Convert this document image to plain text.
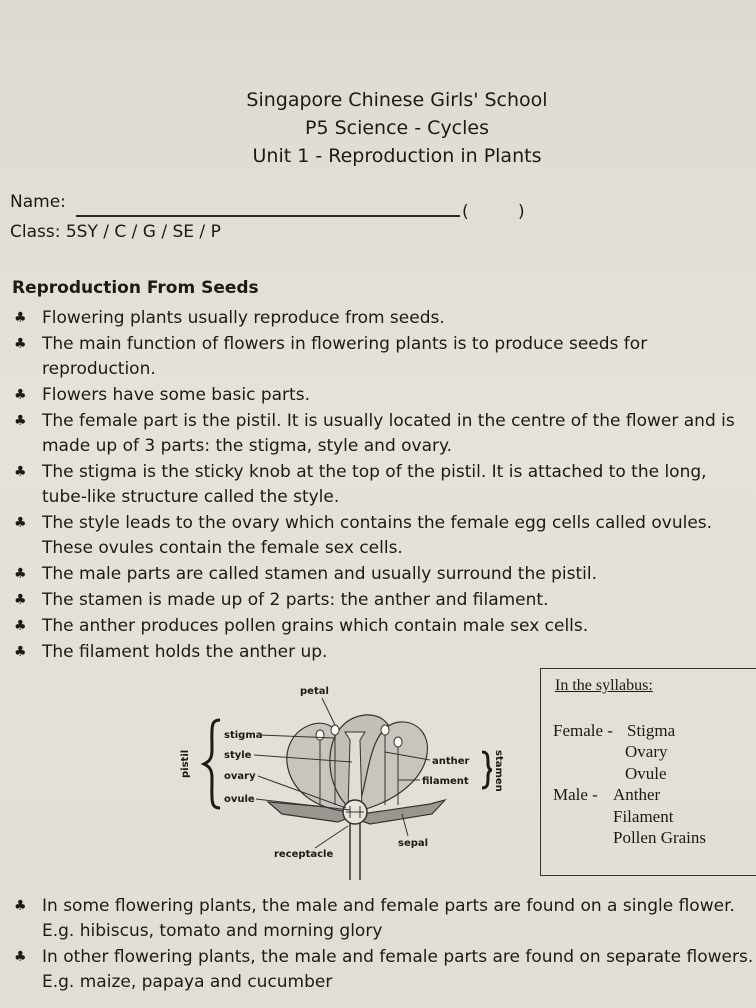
Singapore Chinese Girls' School
P5 Science - Cycles
Unit 1 - Reproduction in Plants
Name:	(	)
Class: 5SY / C / G / SE / P
Reproduction From Seeds
♣ Flowering plants usually reproduce from seeds.
♣ The main function of flowers in flowering plants is to produce seeds for reproduction.
♣ Flowers have some basic parts.
♣ The female part is the pistil. It is usually located in the centre of the flower and is made up of 3 parts: the stigma, style and ovary.
♣ The stigma is the sticky knob at the top of the pistil. It is attached to the long, tube-like structure called the style.
♣ The style leads to the ovary which contains the female egg cells called ovules. These ovules contain the female sex cells.
♣ The male parts are called stamen and usually surround the pistil.
♣ The stamen is made up of 2 parts: the anther and filament.
♣ The anther produces pollen grains which contain male sex cells.
♣ The filament holds the anther up.
pistil
stigma
style
ovary
ovule
petal
anther
filament stamen
sepal
receptacle
In the syllabus:
Female - Stigma
Ovary
Ovule
Male - Anther
Filament
Pollen Grains
♣ In some flowering plants, the male and female parts are found on a single flower. E.g. hibiscus, tomato and morning glory
♣ In other flowering plants, the male and female parts are found on separate flowers. E.g. maize, papaya and cucumber
